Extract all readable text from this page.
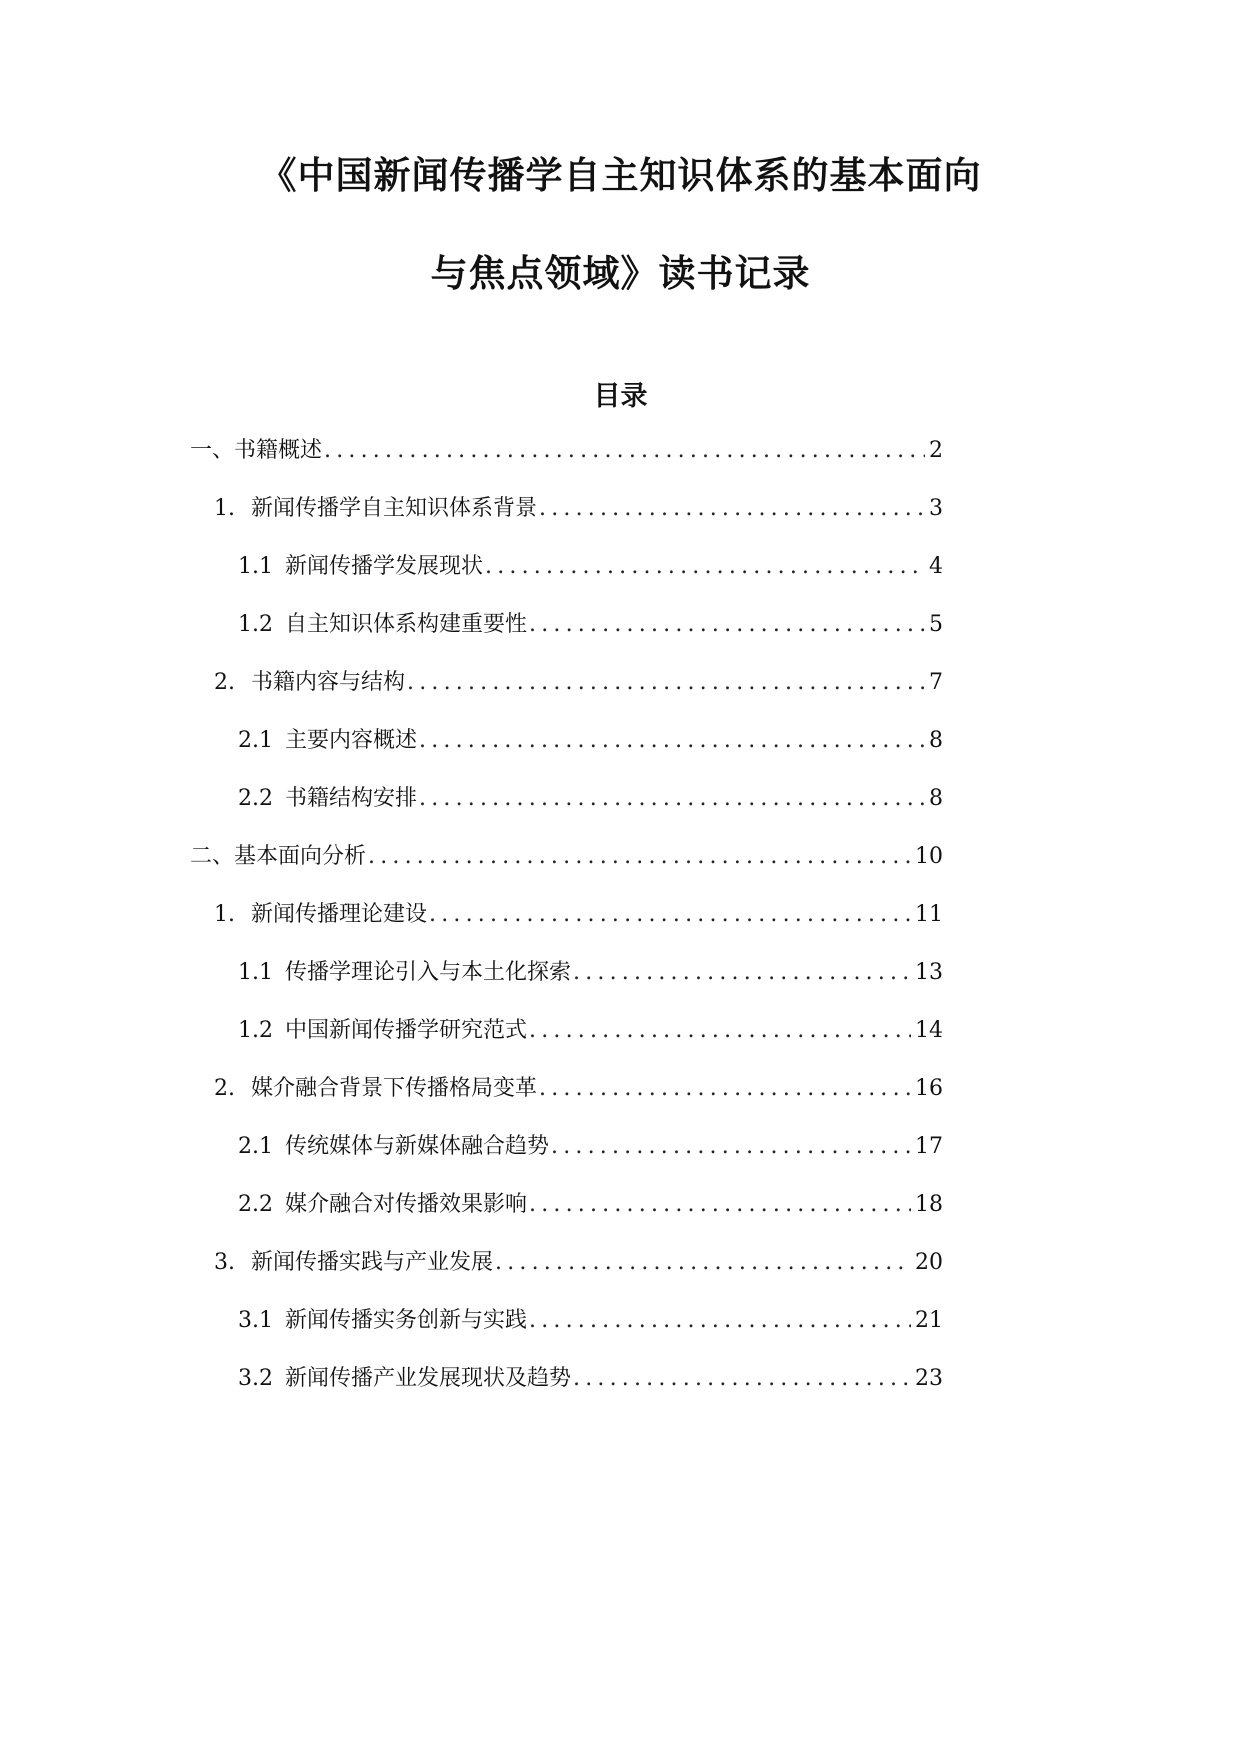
《中国新闻传播学自主知识体系的基本面向
与焦点领域》读书记录
目录
一、 书籍概述 .....	2
1. 新闻传播学自主知识体系背景 .....	3
1.1 新闻传播学发展现状 .....	4
1.2 自主知识体系构建重要性 .....	5
2. 书籍内容与结构 .....	7
2.1 主要内容概述 .....	8
2.2 书籍结构安排 .....	8
二、 基本面向分析 .....	10
1. 新闻传播理论建设 .....	11
1.1 传播学理论引入与本土化探索 .....	13
1.2 中国新闻传播学研究范式 .....	14
2. 媒介融合背景下传播格局变革 .....	16
2.1 传统媒体与新媒体融合趋势 .....	17
2.2 媒介融合对传播效果影响 .....	18
3. 新闻传播实践与产业发展 .....	20
3.1 新闻传播实务创新与实践 .....	21
3.2 新闻传播产业发展现状及趋势 .....	23
